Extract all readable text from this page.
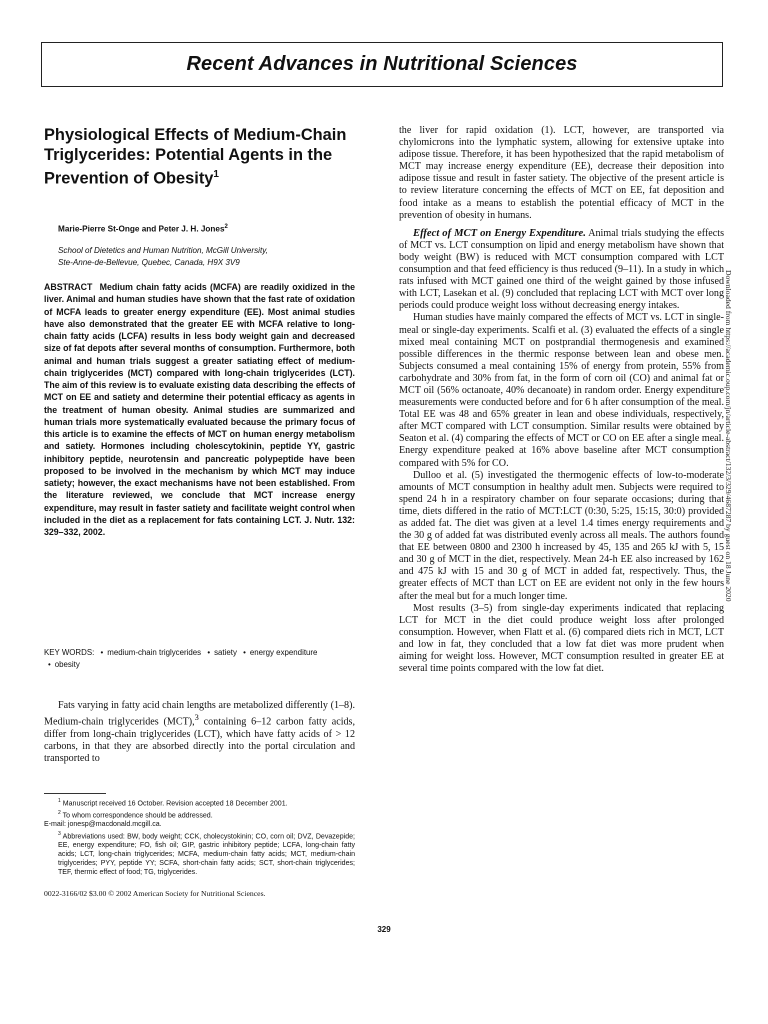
Recent Advances in Nutritional Sciences
Physiological Effects of Medium-Chain Triglycerides: Potential Agents in the Prevention of Obesity$^1$
Marie-Pierre St-Onge and Peter J. H. Jones$^2$
School of Dietetics and Human Nutrition, McGill University,
Ste-Anne-de-Bellevue, Quebec, Canada, H9X 3V9

ABSTRACT Medium chain fatty acids (MCFA) are readily oxidized in the liver. Animal and human studies have shown that the fast rate of oxidation of MCFA leads to greater energy expenditure (EE). Most animal studies have also demonstrated that the greater EE with MCFA relative to long-chain fatty acids (LCFA) results in less body weight gain and decreased size of fat depots after several months of consumption. Furthermore, both animal and human trials suggest a greater satiating effect of medium-chain triglycerides (MCT) compared with long-chain triglycerides (LCT). The aim of this review is to evaluate existing data describing the effects of MCT on EE and satiety and determine their potential efficacy as agents in the treatment of human obesity. Animal studies are summarized and human trials more systematically evaluated because the primary focus of this article is to examine the effects of MCT on human energy metabolism and satiety. Hormones including cholescytokinin, peptide YY, gastric inhibitory peptide, neurotensin and pancreatic polypeptide have been proposed to be involved in the mechanism by which MCT may induce satiety; however, the exact mechanisms have not been established. From the literature reviewed, we conclude that MCT increase energy expenditure, may result in faster satiety and facilitate weight control when included in the diet as a replacement for fats containing LCT. J. Nutr. 132: 329–332, 2002.

KEY WORDS: • medium-chain triglycerides • satiety • energy expenditure • obesity

Fats varying in fatty acid chain lengths are metabolized differently (1–8). Medium-chain triglycerides (MCT),$^3$ containing 6–12 carbon fatty acids, differ from long-chain triglycerides (LCT), which have fatty acids of > 12 carbons, in that they are absorbed directly into the portal circulation and transported to

$^1$ Manuscript received 16 October. Revision accepted 18 December 2001.

$^2$ To whom correspondence should be addressed.

E-mail: jonesp@macdonald.mcgill.ca.

$^3$ Abbreviations used: BW, body weight; CCK, cholecystokinin; CO, corn oil; DVZ, Devazepide; EE, energy expenditure; FO, fish oil; GIP, gastric inhibitory peptide; LCFA, long-chain fatty acids; LCT, long-chain triglycerides; MCFA, medium-chain fatty acids; MCT, medium-chain triglycerides; PYY, peptide YY; SCFA, short-chain fatty acids; SCT, short-chain triglycerides; TEF, thermic effect of food; TG, triglycerides.

0022-3166/02 $3.00 © 2002 American Society for Nutritional Sciences.
329

the liver for rapid oxidation (1). LCT, however, are transported via chylomicrons into the lymphatic system, allowing for extensive uptake into adipose tissue. Therefore, it has been hypothesized that the rapid metabolism of MCT may increase energy expenditure (EE), decrease their deposition into adipose tissue and result in faster satiety. The objective of the present article is to review literature concerning the effects of MCT on EE, fat deposition and food intake as a means to establish the potential efficacy of MCT in the prevention of obesity in humans.

Effect of MCT on Energy Expenditure. Animal trials studying the effects of MCT vs. LCT consumption on lipid and energy metabolism have shown that body weight (BW) is reduced with MCT consumption compared with LCT consumption and that feed efficiency is thus reduced (9–11). In a study in which rats infused with MCT gained one third of the weight gained by those infused with LCT, Lasekan et al. (9) concluded that replacing LCT with MCT over long periods could produce weight loss without decreasing energy intakes.

Human studies have mainly compared the effects of MCT vs. LCT in single-meal or single-day experiments. Scalfi et al. (3) evaluated the effects of a single mixed meal containing MCT on postprandial thermogenesis and examined possible differences in the thermic response between lean and obese men. Subjects consumed a meal containing 15% of energy from protein, 55% from carbohydrate and 30% from fat, in the form of corn oil (CO) and animal fat or MCT oil (56% octanoate, 40% decanoate) in random order. Energy expenditure measurements were conducted before and for 6 h after consumption of the meal. Total EE was 48 and 65% greater in lean and obese individuals, respectively, after MCT compared with LCT consumption. Similar results were obtained by Seaton et al. (4) comparing the effects of MCT or CO on EE after a single meal. Energy expenditure peaked at 16% above baseline after MCT consumption compared with 5% for CO.

Dulloo et al. (5) investigated the thermogenic effects of low-to-moderate amounts of MCT consumption in healthy adult men. Subjects were required to spend 24 h in a respiratory chamber on four separate occasions; during that time, diets differed in the ratio of MCT:LCT (0:30, 5:25, 15:15, 30:0) provided as added fat. The diet was given at a level 1.4 times energy requirements and the 30 g of added fat was distributed evenly across all meals. The authors found that EE between 0800 and 2300 h increased by 45, 135 and 265 kJ with 5, 15 and 30 g of MCT in the diet, respectively. Mean 24-h EE also increased by 162 and 475 kJ with 15 and 30 g of MCT in added fat, respectively. Thus, the greater effects of MCT than LCT on EE are evident not only in the few hours after the meal but for a much longer time.

Most results (3–5) from single-day experiments indicated that replacing LCT for MCT in the diet could produce weight loss after prolonged consumption. However, when Flatt et al. (6) compared diets rich in MCT, LCT and low in fat, they concluded that a low fat diet was more prudent when aiming for weight loss. However, MCT consumption resulted in greater EE at several time points compared with the low fat diet.

Downloaded from https://academic.oup.com/jn/article-abstract/132/3/329/4687287 by guest on 18 June 2020
